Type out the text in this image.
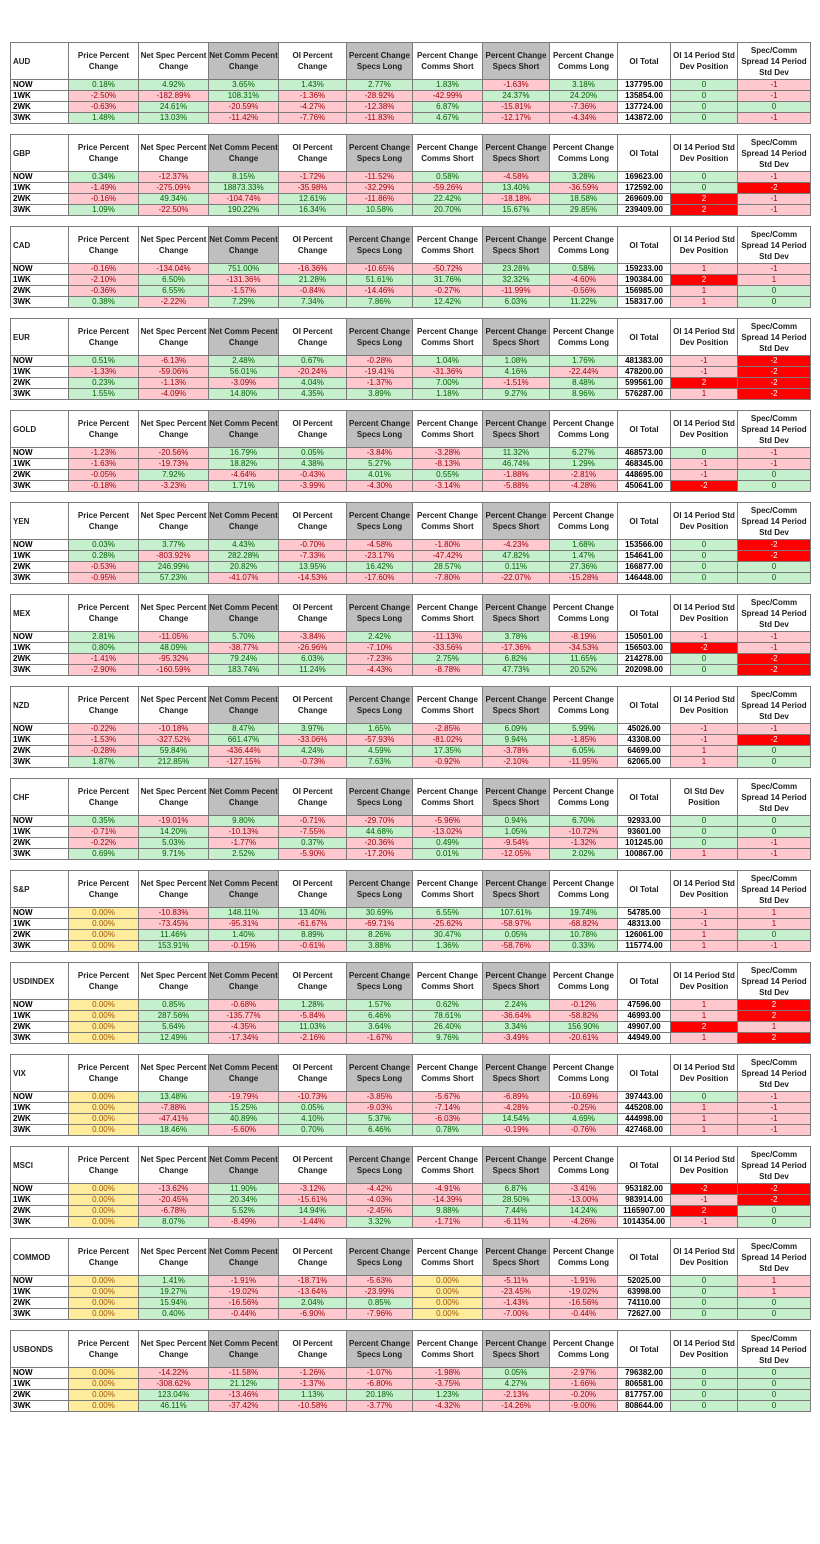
AUD	Price Percent Change	Net Spec Percent Change	Net Comm Pecent Change	OI Percent Change	Percent Change Specs Long	Percent Change Comms Short	Percent Change Specs Short	Percent Change Comms Long	OI Total	OI 14 Period Std Dev Position	Spec/Comm Spread 14 Period Std Dev
NOW	0.18%	4.92%	3.65%	1.43%	2.77%	1.83%	-1.63%	3.18%	137795.00	0	-1
1WK	-2.50%	-182.89%	108.31%	-1.36%	-28.92%	-42.99%	24.37%	24.20%	135854.00	0	-1
2WK	-0.63%	24.61%	-20.59%	-4.27%	-12.38%	6.87%	-15.81%	-7.36%	137724.00	0	0
3WK	1.48%	13.03%	-11.42%	-7.76%	-11.83%	4.67%	-12.17%	-4.34%	143872.00	0	-1
GBP	Price Percent Change	Net Spec Percent Change	Net Comm Pecent Change	OI Percent Change	Percent Change Specs Long	Percent Change Comms Short	Percent Change Specs Short	Percent Change Comms Long	OI Total	OI 14 Period Std Dev Position	Spec/Comm Spread 14 Period Std Dev
NOW	0.34%	-12.37%	8.15%	-1.72%	-11.52%	0.58%	-4.58%	3.28%	169623.00	0	-1
1WK	-1.49%	-275.09%	18873.33%	-35.98%	-32.29%	-59.26%	13.40%	-36.59%	172592.00	0	-2
2WK	-0.16%	49.34%	-104.74%	12.61%	-11.86%	22.42%	-18.18%	18.58%	269609.00	2	-1
3WK	1.09%	-22.50%	190.22%	16.34%	10.58%	20.70%	15.67%	29.85%	239409.00	2	-1
CAD	Price Percent Change	Net Spec Percent Change	Net Comm Pecent Change	OI Percent Change	Percent Change Specs Long	Percent Change Comms Short	Percent Change Specs Short	Percent Change Comms Long	OI Total	OI 14 Period Std Dev Position	Spec/Comm Spread 14 Period Std Dev
NOW	-0.16%	-134.04%	751.00%	-16.36%	-10.65%	-50.72%	23.28%	0.58%	159233.00	1	-1
1WK	-2.10%	6.50%	-131.36%	21.28%	51.61%	31.76%	32.32%	-4.60%	190384.00	2	1
2WK	-0.36%	6.55%	-1.57%	-0.84%	-14.46%	-0.27%	-11.99%	-0.56%	156985.00	1	0
3WK	0.38%	-2.22%	7.29%	7.34%	7.86%	12.42%	6.03%	11.22%	158317.00	1	0
EUR	Price Percent Change	Net Spec Percent Change	Net Comm Pecent Change	OI Percent Change	Percent Change Specs Long	Percent Change Comms Short	Percent Change Specs Short	Percent Change Comms Long	OI Total	OI 14 Period Std Dev Position	Spec/Comm Spread 14 Period Std Dev
NOW	0.51%	-6.13%	2.48%	0.67%	-0.28%	1.04%	1.08%	1.76%	481383.00	-1	-2
1WK	-1.33%	-59.06%	56.01%	-20.24%	-19.41%	-31.36%	4.16%	-22.44%	478200.00	-1	-2
2WK	0.23%	-1.13%	-3.09%	4.04%	-1.37%	7.00%	-1.51%	8.48%	599561.00	2	-2
3WK	1.55%	-4.09%	14.80%	4.35%	3.89%	1.18%	9.27%	8.96%	576287.00	1	-2
GOLD	Price Percent Change	Net Spec Percent Change	Net Comm Pecent Change	OI Percent Change	Percent Change Specs Long	Percent Change Comms Short	Percent Change Specs Short	Percent Change Comms Long	OI Total	OI 14 Period Std Dev Position	Spec/Comm Spread 14 Period Std Dev
NOW	-1.23%	-20.56%	16.79%	0.05%	-3.84%	-3.28%	11.32%	6.27%	468573.00	0	-1
1WK	-1.63%	-19.73%	18.82%	4.38%	5.27%	-8.13%	46.74%	1.29%	468345.00	-1	-1
2WK	-0.05%	7.92%	-4.64%	-0.43%	4.01%	0.55%	-1.88%	-2.81%	448695.00	-1	0
3WK	-0.18%	-3.23%	1.71%	-3.99%	-4.30%	-3.14%	-5.88%	-4.28%	450641.00	-2	0
YEN	Price Percent Change	Net Spec Percent Change	Net Comm Pecent Change	OI Percent Change	Percent Change Specs Long	Percent Change Comms Short	Percent Change Specs Short	Percent Change Comms Long	OI Total	OI 14 Period Std Dev Position	Spec/Comm Spread 14 Period Std Dev
NOW	0.03%	3.77%	4.43%	-0.70%	-4.58%	-1.80%	-4.23%	1.68%	153566.00	0	-2
1WK	0.28%	-803.92%	282.28%	-7.33%	-23.17%	-47.42%	47.82%	1.47%	154641.00	0	-2
2WK	-0.53%	246.99%	20.82%	13.95%	16.42%	28.57%	0.11%	27.36%	166877.00	0	0
3WK	-0.95%	57.23%	-41.07%	-14.53%	-17.60%	-7.80%	-22.07%	-15.28%	146448.00	0	0
MEX	Price Percent Change	Net Spec Percent Change	Net Comm Pecent Change	OI Percent Change	Percent Change Specs Long	Percent Change Comms Short	Percent Change Specs Short	Percent Change Comms Long	OI Total	OI 14 Period Std Dev Position	Spec/Comm Spread 14 Period Std Dev
NOW	2.81%	-11.05%	5.70%	-3.84%	2.42%	-11.13%	3.78%	-8.19%	150501.00	-1	-1
1WK	0.80%	48.09%	-38.77%	-26.96%	-7.10%	-33.56%	-17.36%	-34.53%	156503.00	-2	-1
2WK	-1.41%	-95.32%	79.24%	6.03%	-7.23%	2.75%	6.82%	11.65%	214278.00	0	-2
3WK	-2.90%	-160.59%	183.74%	11.24%	-4.43%	-8.78%	47.73%	20.52%	202098.00	0	-2
NZD	Price Percent Change	Net Spec Percent Change	Net Comm Pecent Change	OI Percent Change	Percent Change Specs Long	Percent Change Comms Short	Percent Change Specs Short	Percent Change Comms Long	OI Total	OI 14 Period Std Dev Position	Spec/Comm Spread 14 Period Std Dev
NOW	-0.22%	-10.18%	8.47%	3.97%	1.65%	-2.85%	6.09%	5.99%	45026.00	-1	-1
1WK	-1.53%	-327.52%	661.47%	-33.06%	-57.93%	-81.02%	9.94%	-1.85%	43308.00	-1	-2
2WK	-0.28%	59.84%	-436.44%	4.24%	4.59%	17.35%	-3.78%	6.05%	64699.00	1	0
3WK	1.87%	212.85%	-127.15%	-0.73%	7.63%	-0.92%	-2.10%	-11.95%	62065.00	1	0
CHF	Price Percent Change	Net Spec Percent Change	Net Comm Pecent Change	OI Percent Change	Percent Change Specs Long	Percent Change Comms Short	Percent Change Specs Short	Percent Change Comms Long	OI Total	OI Std Dev Position	Spec/Comm Spread 14 Period Std Dev
NOW	0.35%	-19.01%	9.80%	-0.71%	-29.70%	-5.96%	0.94%	6.70%	92933.00	0	0
1WK	-0.71%	14.20%	-10.13%	-7.55%	44.68%	-13.02%	1.05%	-10.72%	93601.00	0	0
2WK	-0.22%	5.03%	-1.77%	0.37%	-20.36%	0.49%	-9.54%	-1.32%	101245.00	0	-1
3WK	0.69%	9.71%	2.52%	-5.90%	-17.20%	0.01%	-12.05%	2.02%	100867.00	1	-1
S&P	Price Percent Change	Net Spec Percent Change	Net Comm Pecent Change	OI Percent Change	Percent Change Specs Long	Percent Change Comms Short	Percent Change Specs Short	Percent Change Comms Long	OI Total	OI 14 Period Std Dev Position	Spec/Comm Spread 14 Period Std Dev
NOW	0.00%	-10.83%	148.11%	13.40%	30.69%	6.55%	107.61%	19.74%	54785.00	-1	1
1WK	0.00%	-73.45%	-95.31%	-61.67%	-69.71%	-25.62%	-58.97%	-68.82%	48313.00	-1	1
2WK	0.00%	11.46%	1.40%	8.89%	8.26%	30.47%	0.05%	10.78%	126061.00	1	0
3WK	0.00%	153.91%	-0.15%	-0.61%	3.88%	1.36%	-58.76%	0.33%	115774.00	1	-1
USDINDEX	Price Percent Change	Net Spec Percent Change	Net Comm Pecent Change	OI Percent Change	Percent Change Specs Long	Percent Change Comms Short	Percent Change Specs Short	Percent Change Comms Long	OI Total	OI 14 Period Std Dev Position	Spec/Comm Spread 14 Period Std Dev
NOW	0.00%	0.85%	-0.68%	1.28%	1.57%	0.62%	2.24%	-0.12%	47596.00	1	2
1WK	0.00%	287.56%	-135.77%	-5.84%	6.46%	78.61%	-36.64%	-58.82%	46993.00	1	2
2WK	0.00%	5.64%	-4.35%	11.03%	3.64%	26.40%	3.34%	156.90%	49907.00	2	1
3WK	0.00%	12.49%	-17.34%	-2.16%	-1.67%	9.76%	-3.49%	-20.61%	44949.00	1	2
VIX	Price Percent Change	Net Spec Percent Change	Net Comm Pecent Change	OI Percent Change	Percent Change Specs Long	Percent Change Comms Short	Percent Change Specs Short	Percent Change Comms Long	OI Total	OI 14 Period Std Dev Position	Spec/Comm Spread 14 Period Std Dev
NOW	0.00%	13.48%	-19.79%	-10.73%	-3.85%	-5.67%	-6.89%	-10.69%	397443.00	0	-1
1WK	0.00%	-7.88%	15.25%	0.05%	-9.03%	-7.14%	-4.28%	-0.25%	445208.00	1	-1
2WK	0.00%	-47.41%	40.89%	4.10%	5.37%	-6.03%	14.54%	4.69%	444998.00	1	-1
3WK	0.00%	18.46%	-5.60%	0.70%	6.46%	0.78%	-0.19%	-0.76%	427468.00	1	-1
MSCI	Price Percent Change	Net Spec Percent Change	Net Comm Pecent Change	OI Percent Change	Percent Change Specs Long	Percent Change Comms Short	Percent Change Specs Short	Percent Change Comms Long	OI Total	OI 14 Period Std Dev Position	Spec/Comm Spread 14 Period Std Dev
NOW	0.00%	-13.62%	11.90%	-3.12%	-4.42%	-4.91%	6.87%	-3.41%	953182.00	-2	-2
1WK	0.00%	-20.45%	20.34%	-15.61%	-4.03%	-14.39%	28.50%	-13.00%	983914.00	-1	-2
2WK	0.00%	-6.78%	5.52%	14.94%	-2.45%	9.88%	7.44%	14.24%	1165907.00	2	0
3WK	0.00%	8.07%	-8.49%	-1.44%	3.32%	-1.71%	-6.11%	-4.26%	1014354.00	-1	0
COMMOD	Price Percent Change	Net Spec Percent Change	Net Comm Pecent Change	OI Percent Change	Percent Change Specs Long	Percent Change Comms Short	Percent Change Specs Short	Percent Change Comms Long	OI Total	OI 14 Period Std Dev Position	Spec/Comm Spread 14 Period Std Dev
NOW	0.00%	1.41%	-1.91%	-18.71%	-5.63%	0.00%	-5.11%	-1.91%	52025.00	0	1
1WK	0.00%	19.27%	-19.02%	-13.64%	-23.99%	0.00%	-23.45%	-19.02%	63998.00	0	1
2WK	0.00%	15.94%	-16.56%	2.04%	0.85%	0.00%	-1.43%	-16.56%	74110.00	0	0
3WK	0.00%	0.40%	-0.44%	-6.90%	-7.96%	0.00%	-7.00%	-0.44%	72627.00	0	0
USBONDS	Price Percent Change	Net Spec Percent Change	Net Comm Pecent Change	OI Percent Change	Percent Change Specs Long	Percent Change Comms Short	Percent Change Specs Short	Percent Change Comms Long	OI Total	OI 14 Period Std Dev Position	Spec/Comm Spread 14 Period Std Dev
NOW	0.00%	-14.22%	-11.58%	-1.26%	-1.07%	-1.98%	0.05%	-2.97%	796382.00	0	0
1WK	0.00%	-308.62%	21.12%	-1.37%	-6.80%	-3.75%	4.27%	-1.66%	806581.00	0	0
2WK	0.00%	123.04%	-13.46%	1.13%	20.18%	1.23%	-2.13%	-0.20%	817757.00	0	0
3WK	0.00%	46.11%	-37.42%	-10.58%	-3.77%	-4.32%	-14.26%	-9.00%	808644.00	0	0
